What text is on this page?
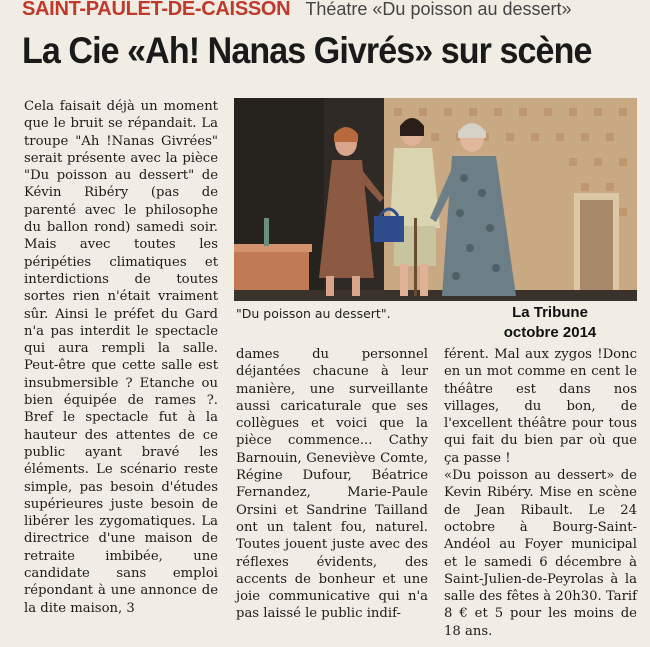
SAINT-PAULET-DE-CAISSON Théatre «Du poisson au dessert»
La Cie «Ah! Nanas Givrés» sur scène

Cela faisait déjà un moment que le bruit se répandait. La troupe "Ah !Nanas Givrées" serait présente avec la pièce "Du poisson au dessert" de Kévin Ribéry (pas de parenté avec le philosophe du ballon rond) samedi soir. Mais avec toutes les péripéties climatiques et interdictions de toutes sortes rien n'était vraiment sûr. Ainsi le préfet du Gard n'a pas interdit le spectacle qui aura rempli la salle. Peut-être que cette salle est insubmersible ? Etanche ou bien équipée de rames ?. Bref le spectacle fut à la hauteur des attentes de ce public ayant bravé les éléments. Le scénario reste simple, pas besoin d'études supérieures juste besoin de libérer les zygomatiques. La directrice d'une maison de retraite imbibée, une candidate sans emploi répondant à une annonce de la dite maison, 3

"Du poisson au dessert".	La Tribune
octobre 2014

dames du personnel déjantées chacune à leur manière, une surveillante aussi caricaturale que ses collègues et voici que la pièce commence... Cathy Barnouin, Geneviève Comte, Régine Dufour, Béatrice Fernandez, Marie-Paule Orsini et Sandrine Tailland ont un talent fou, naturel. Toutes jouent juste avec des réflexes évidents, des accents de bonheur et une joie communicative qui n'a pas laissé le public indif-

férent. Mal aux zygos !Donc en un mot comme en cent le théâtre est dans nos villages, du bon, de l'excellent théâtre pour tous qui fait du bien par où que ça passe !

«Du poisson au dessert» de Kevin Ribéry. Mise en scène de Jean Ribault. Le 24 octobre à Bourg-Saint-Andéol au Foyer municipal et le samedi 6 décembre à Saint-Julien-de-Peyrolas à la salle des fêtes à 20h30. Tarif 8 € et 5 pour les moins de 18 ans.
